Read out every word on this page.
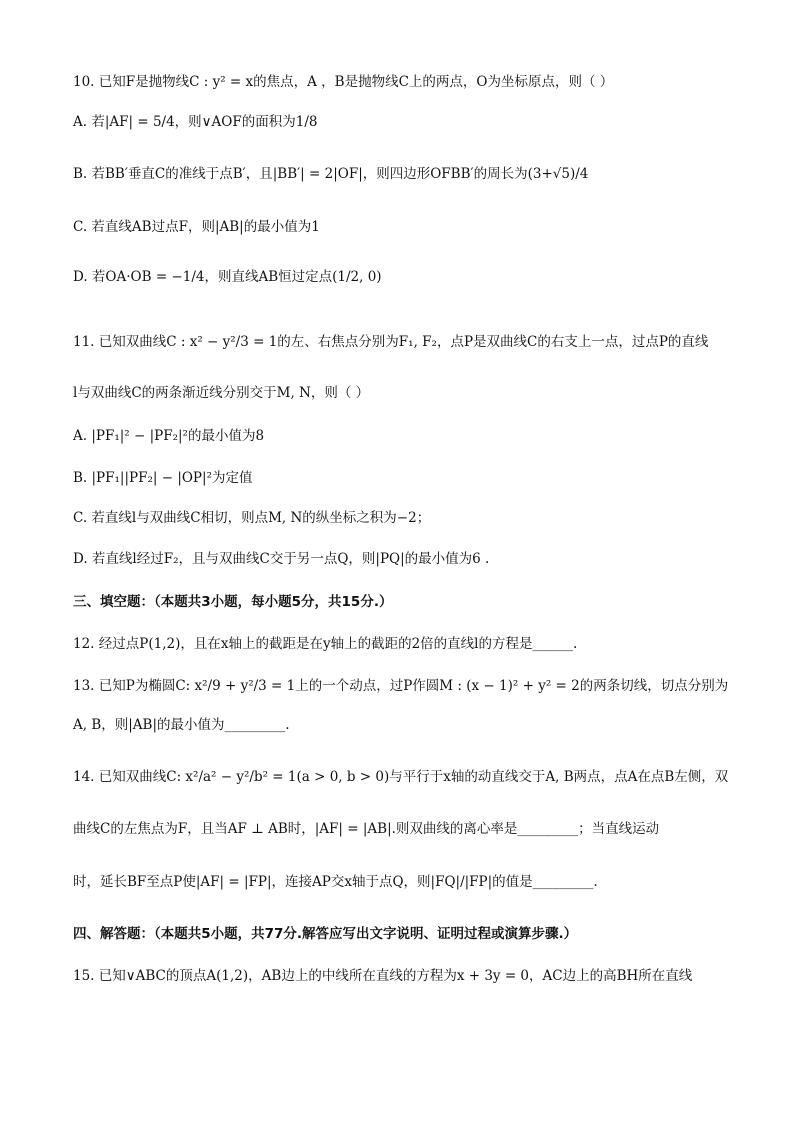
10. 已知F是抛物线C : y² = x的焦点，A ，B是抛物线C上的两点，O为坐标原点，则（ ）
A. 若|AF| = 5/4，则∨AOF的面积为1/8
B. 若BB′垂直C的准线于点B′，且|BB′| = 2|OF|，则四边形OFBB′的周长为(3+√5)/4
C. 若直线AB过点F，则|AB|的最小值为1
D. 若OA·OB = −1/4，则直线AB恒过定点(1/2, 0)
11. 已知双曲线C : x² − y²/3 = 1的左、右焦点分别为F₁, F₂，点P是双曲线C的右支上一点，过点P的直线
l与双曲线C的两条渐近线分别交于M, N，则（ ）
A. |PF₁|² − |PF₂|²的最小值为8
B. |PF₁||PF₂| − |OP|²为定值
C. 若直线l与双曲线C相切，则点M, N的纵坐标之积为−2；
D. 若直线l经过F₂，且与双曲线C交于另一点Q，则|PQ|的最小值为6 .
三、填空题：（本题共3小题，每小题5分，共15分.）
12. 经过点P(1,2)，且在x轴上的截距是在y轴上的截距的2倍的直线l的方程是______.
13. 已知P为椭圆C: x²/9 + y²/3 = 1上的一个动点，过P作圆M : (x − 1)² + y² = 2的两条切线，切点分别为
A, B，则|AB|的最小值为_________.
14. 已知双曲线C: x²/a² − y²/b² = 1(a > 0, b > 0)与平行于x轴的动直线交于A, B两点，点A在点B左侧，双
曲线C的左焦点为F，且当AF ⊥ AB时，|AF| = |AB|.则双曲线的离心率是_________；当直线运动
时，延长BF至点P使|AF| = |FP|，连接AP交x轴于点Q，则|FQ|/|FP|的值是_________.
四、解答题：（本题共5小题，共77分.解答应写出文字说明、证明过程或演算步骤.）
15. 已知∨ABC的顶点A(1,2)，AB边上的中线所在直线的方程为x + 3y = 0，AC边上的高BH所在直线
